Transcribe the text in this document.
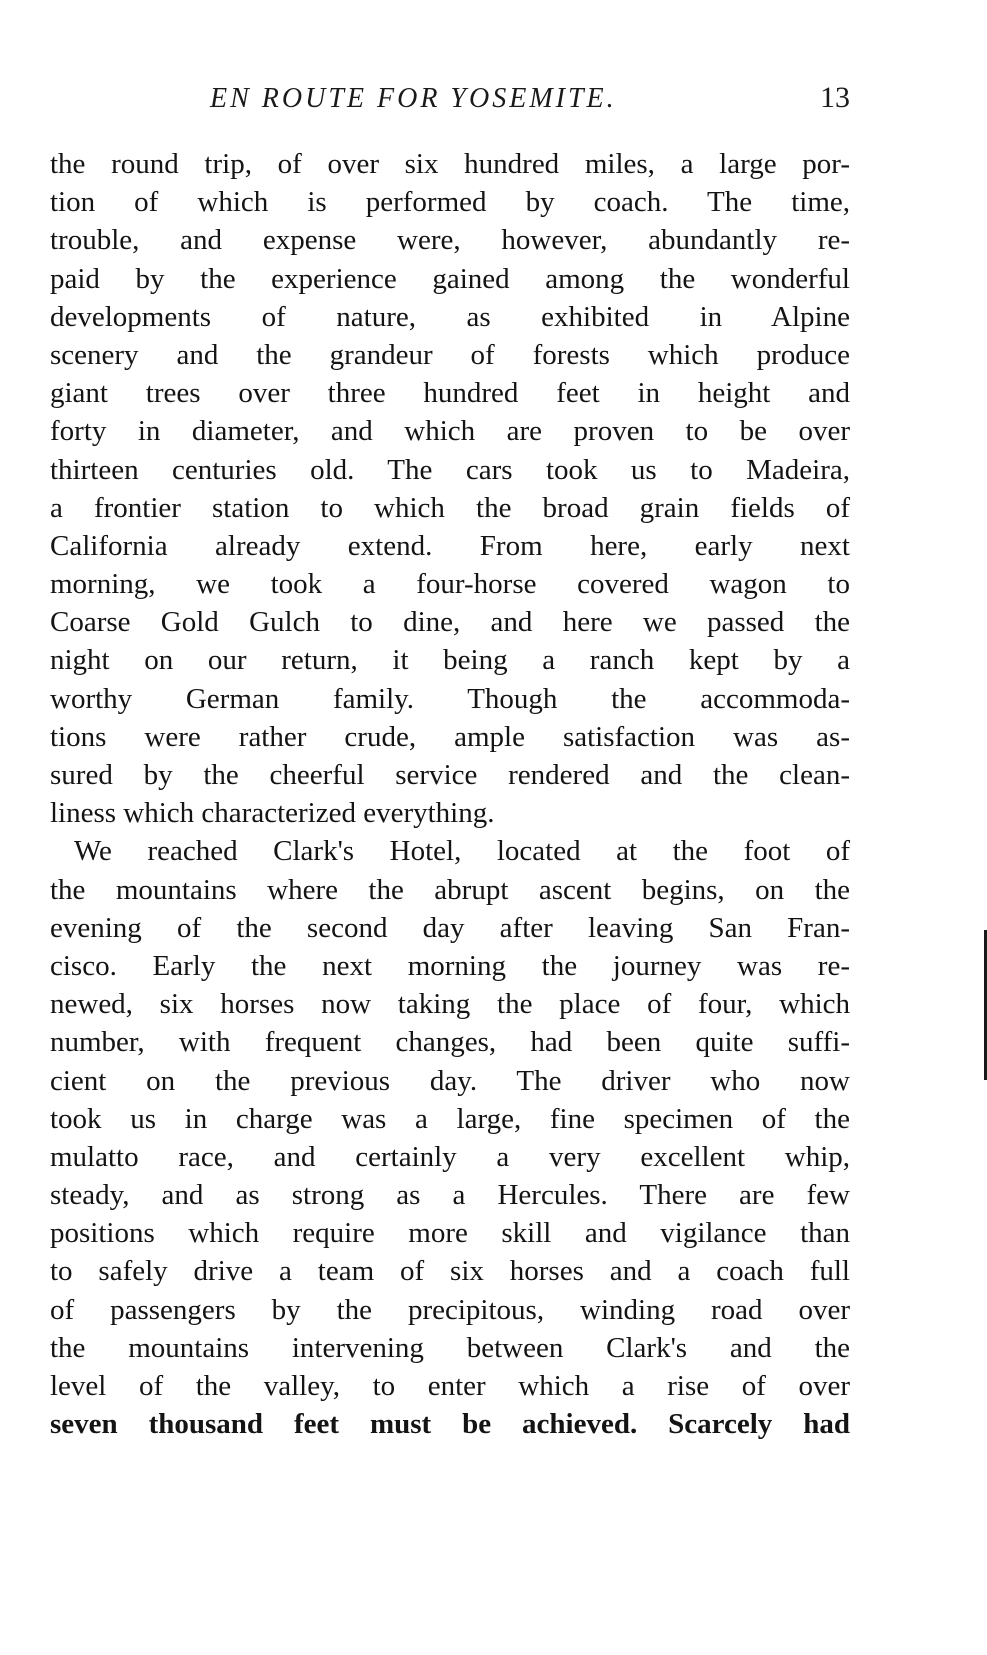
EN ROUTE FOR YOSEMITE.	13
the round trip, of over six hundred miles, a large por-
tion of which is performed by coach. The time,
trouble, and expense were, however, abundantly re-
paid by the experience gained among the wonderful
developments of nature, as exhibited in Alpine
scenery and the grandeur of forests which produce
giant trees over three hundred feet in height and
forty in diameter, and which are proven to be over
thirteen centuries old. The cars took us to Madeira,
a frontier station to which the broad grain fields of
California already extend. From here, early next
morning, we took a four-horse covered wagon to
Coarse Gold Gulch to dine, and here we passed the
night on our return, it being a ranch kept by a
worthy German family. Though the accommoda-
tions were rather crude, ample satisfaction was as-
sured by the cheerful service rendered and the clean-
liness which characterized everything.
We reached Clark's Hotel, located at the foot of
the mountains where the abrupt ascent begins, on the
evening of the second day after leaving San Fran-
cisco. Early the next morning the journey was re-
newed, six horses now taking the place of four, which
number, with frequent changes, had been quite suffi-
cient on the previous day. The driver who now
took us in charge was a large, fine specimen of the
mulatto race, and certainly a very excellent whip,
steady, and as strong as a Hercules. There are few
positions which require more skill and vigilance than
to safely drive a team of six horses and a coach full
of passengers by the precipitous, winding road over
the mountains intervening between Clark's and the
level of the valley, to enter which a rise of over
seven thousand feet must be achieved. Scarcely had
